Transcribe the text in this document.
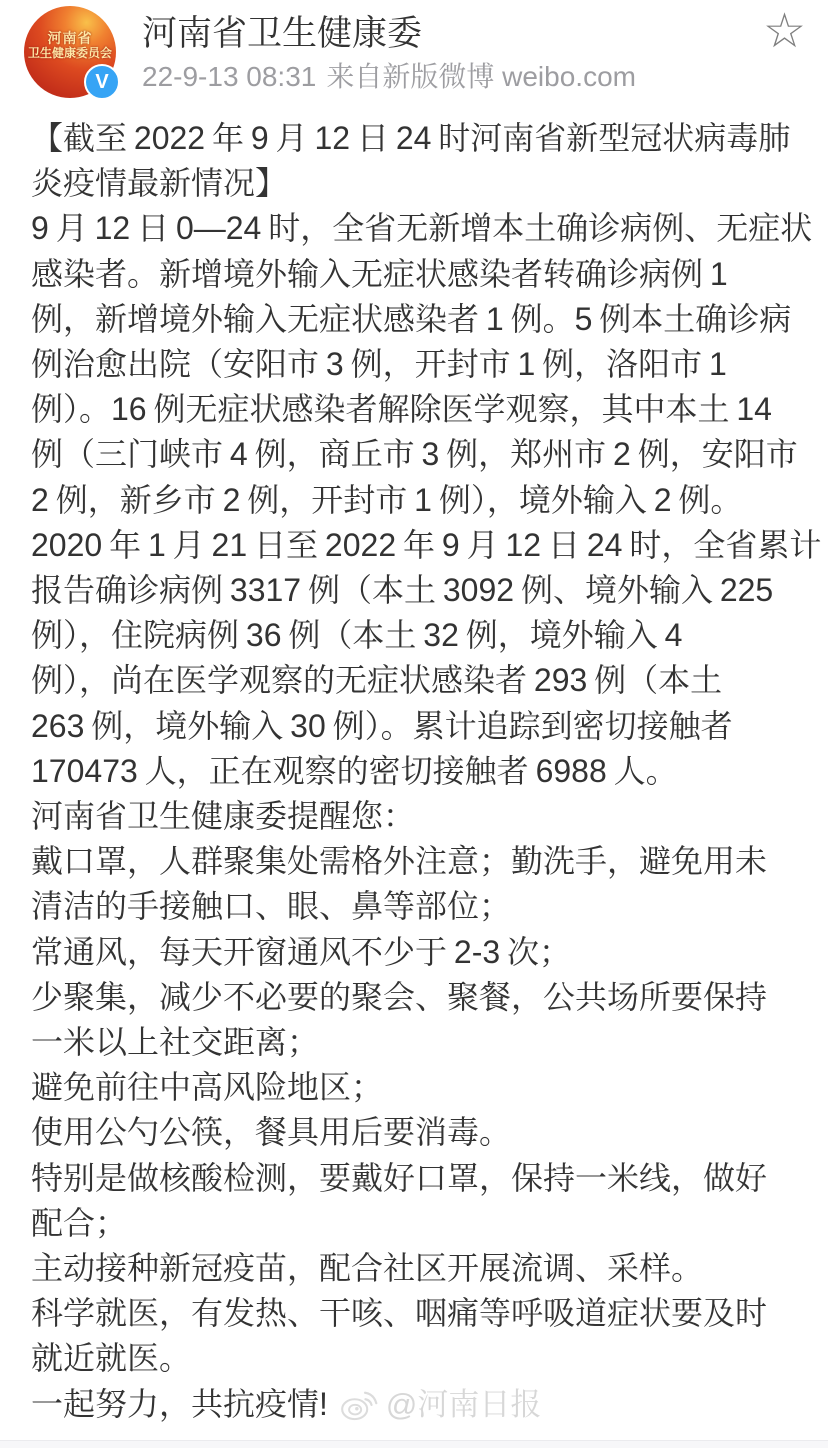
河南省
卫生健康委员会
V
河南省卫生健康委
22-9-13 08:31 来自新版微博 weibo.com
☆
【截至 2022 年 9 月 12 日 24 时河南省新型冠状病毒肺
炎疫情最新情况】
9 月 12 日 0—24 时，全省无新增本土确诊病例、无症状
感染者。新增境外输入无症状感染者转确诊病例 1
例，新增境外输入无症状感染者 1 例。5 例本土确诊病
例治愈出院（安阳市 3 例，开封市 1 例，洛阳市 1
例）。16 例无症状感染者解除医学观察，其中本土 14
例（三门峡市 4 例，商丘市 3 例，郑州市 2 例，安阳市
2 例，新乡市 2 例，开封市 1 例），境外输入 2 例。
2020 年 1 月 21 日至 2022 年 9 月 12 日 24 时，全省累计
报告确诊病例 3317 例（本土 3092 例、境外输入 225
例），住院病例 36 例（本土 32 例，境外输入 4
例），尚在医学观察的无症状感染者 293 例（本土
263 例，境外输入 30 例）。累计追踪到密切接触者
170473 人，正在观察的密切接触者 6988 人。
河南省卫生健康委提醒您：
戴口罩，人群聚集处需格外注意；勤洗手，避免用未
清洁的手接触口、眼、鼻等部位；
常通风，每天开窗通风不少于 2-3 次；
少聚集，减少不必要的聚会、聚餐，公共场所要保持
一米以上社交距离；
避免前往中高风险地区；
使用公勺公筷，餐具用后要消毒。
特别是做核酸检测，要戴好口罩，保持一米线，做好
配合；
主动接种新冠疫苗，配合社区开展流调、采样。
科学就医，有发热、干咳、咽痛等呼吸道症状要及时
就近就医。
一起努力，共抗疫情! @河南日报
